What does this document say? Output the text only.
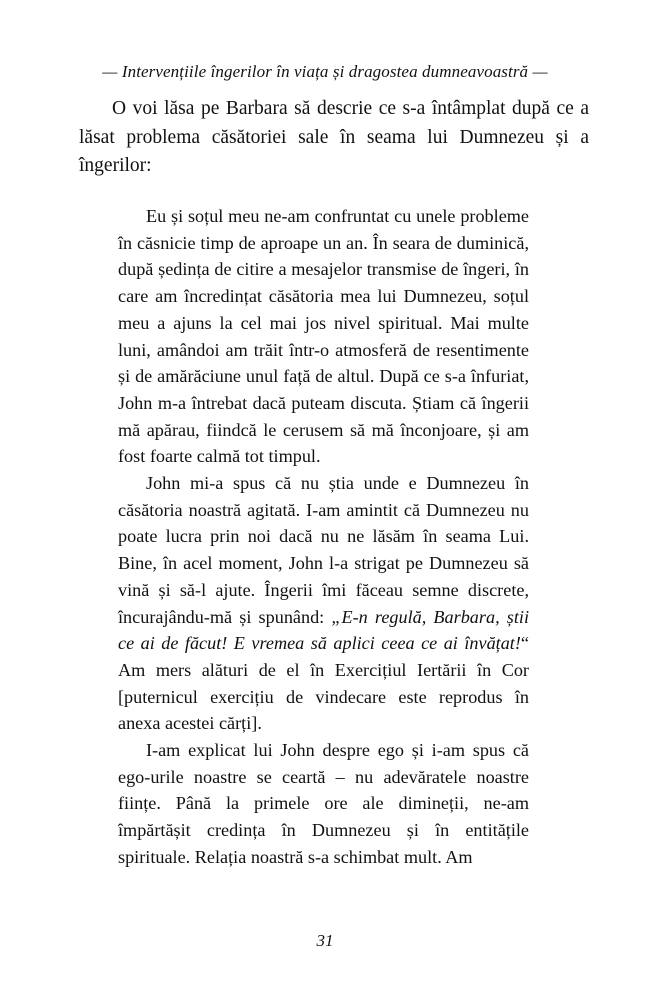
— Intervențiile îngerilor în viața și dragostea dumneavoastră —

O voi lăsa pe Barbara să descrie ce s-a întâmplat după ce a lăsat problema căsătoriei sale în seama lui Dumnezeu și a îngerilor:

Eu și soțul meu ne-am confruntat cu unele probleme în căsnicie timp de aproape un an. În seara de duminică, după ședința de citire a mesajelor transmise de îngeri, în care am încredințat căsătoria mea lui Dumnezeu, soțul meu a ajuns la cel mai jos nivel spiritual. Mai multe luni, amândoi am trăit într-o atmosferă de resentimente și de amărăciune unul față de altul. După ce s-a înfuriat, John m-a întrebat dacă puteam discuta. Știam că îngerii mă apărau, fiindcă le cerusem să mă înconjoare, și am fost foarte calmă tot timpul.

John mi-a spus că nu știa unde e Dumnezeu în căsătoria noastră agitată. I-am amintit că Dumnezeu nu poate lucra prin noi dacă nu ne lăsăm în seama Lui. Bine, în acel moment, John l-a strigat pe Dumnezeu să vină și să-l ajute. Îngerii îmi făceau semne discrete, încurajându-mă și spunând: „E-n regulă, Barbara, știi ce ai de făcut! E vremea să aplici ceea ce ai învățat!“ Am mers alături de el în Exercițiul Iertării în Cor [puternicul exercițiu de vindecare este reprodus în anexa acestei cărți].

I-am explicat lui John despre ego și i-am spus că ego-urile noastre se ceartă – nu adevăratele noastre ființe. Până la primele ore ale dimineții, ne-am împărtășit credința în Dumnezeu și în entitățile spirituale. Relația noastră s-a schimbat mult. Am

31
